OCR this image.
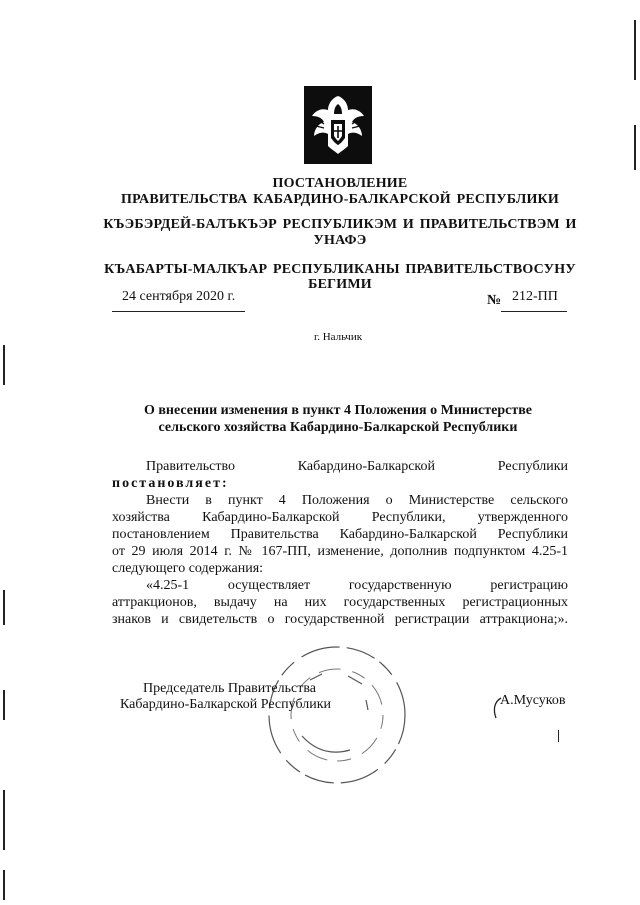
ПОСТАНОВЛЕНИЕ
ПРАВИТЕЛЬСТВА КАБАРДИНО-БАЛКАРСКОЙ РЕСПУБЛИКИ
КЪЭБЭРДЕЙ-БАЛЪКЪЭР РЕСПУБЛИКЭМ И ПРАВИТЕЛЬСТВЭМ И
УНАФЭ
КЪАБАРТЫ-МАЛКЪАР РЕСПУБЛИКАНЫ ПРАВИТЕЛЬСТВОСУНУ
БЕГИМИ
24 сентября 2020 г.	№ 212-ПП
г. Нальчик
О внесении изменения в пункт 4 Положения о Министерстве
сельского хозяйства Кабардино-Балкарской Республики
Правительство Кабардино-Балкарской Республики
постановляет:
Внести в пункт 4 Положения о Министерстве сельского
хозяйства Кабардино-Балкарской Республики, утвержденного
постановлением Правительства Кабардино-Балкарской Республики
от 29 июля 2014 г. № 167-ПП, изменение, дополнив подпунктом 4.25-1
следующего содержания:
«4.25-1 осуществляет государственную регистрацию
аттракционов, выдачу на них государственных регистрационных
знаков и свидетельств о государственной регистрации аттракциона;».
Председатель Правительства
Кабардино-Балкарской Республики	А.Мусуков
